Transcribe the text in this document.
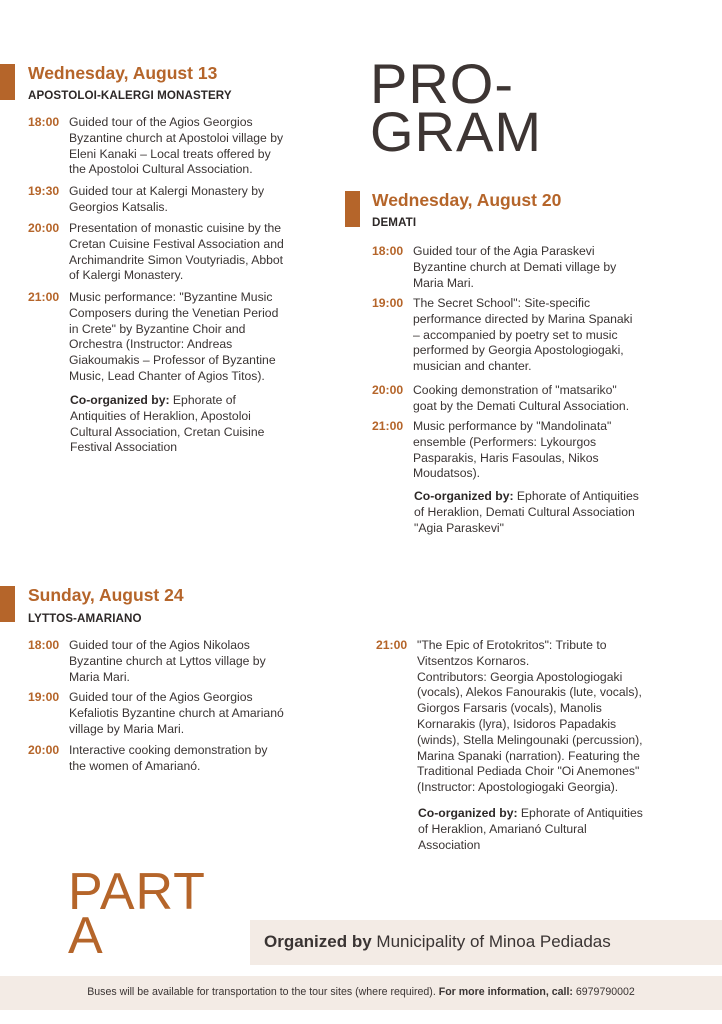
PRO-
GRAM
Wednesday, August 13
APOSTOLOI-KALERGI MONASTERY
18:00 Guided tour of the Agios Georgios
Byzantine church at Apostoloi village by
Eleni Kanaki – Local treats offered by
the Apostoloi Cultural Association.
19:30 Guided tour at Kalergi Monastery by
Georgios Katsalis.
20:00 Presentation of monastic cuisine by the
Cretan Cuisine Festival Association and
Archimandrite Simon Voutyriadis, Abbot
of Kalergi Monastery.
21:00 Music performance: "Byzantine Music
Composers during the Venetian Period
in Crete" by Byzantine Choir and
Orchestra (Instructor: Andreas
Giakoumakis – Professor of Byzantine
Music, Lead Chanter of Agios Titos).
Co-organized by: Ephorate of
Antiquities of Heraklion, Apostoloi
Cultural Association, Cretan Cuisine
Festival Association
Wednesday, August 20
DEMATI
18:00 Guided tour of the Agia Paraskevi
Byzantine church at Demati village by
Maria Mari.
19:00 The Secret School": Site-specific
performance directed by Marina Spanaki
– accompanied by poetry set to music
performed by Georgia Apostologiogaki,
musician and chanter.
20:00 Cooking demonstration of "matsariko"
goat by the Demati Cultural Association.
21:00 Music performance by "Mandolinata"
ensemble (Performers: Lykourgos
Pasparakis, Haris Fasoulas, Nikos
Moudatsos).
Co-organized by: Ephorate of Antiquities
of Heraklion, Demati Cultural Association
"Agia Paraskevi"
Sunday, August 24
LYTTOS-AMARIANO
18:00 Guided tour of the Agios Nikolaos
Byzantine church at Lyttos village by
Maria Mari.
19:00 Guided tour of the Agios Georgios
Kefaliotis Byzantine church at Amarianó
village by Maria Mari.
20:00 Interactive cooking demonstration by
the women of Amarianó.
21:00 "The Epic of Erotokritos": Tribute to
Vitsentzos Kornaros.
Contributors: Georgia Apostologiogaki
(vocals), Alekos Fanourakis (lute, vocals),
Giorgos Farsaris (vocals), Manolis
Kornarakis (lyra), Isidoros Papadakis
(winds), Stella Melingounaki (percussion),
Marina Spanaki (narration). Featuring the
Traditional Pediada Choir "Oi Anemones"
(Instructor: Apostologiogaki Georgia).
Co-organized by: Ephorate of Antiquities
of Heraklion, Amarianó Cultural
Association
PART
A	Organized by Municipality of Minoa Pediadas
Buses will be available for transportation to the tour sites (where required). For more information, call: 6979790002
